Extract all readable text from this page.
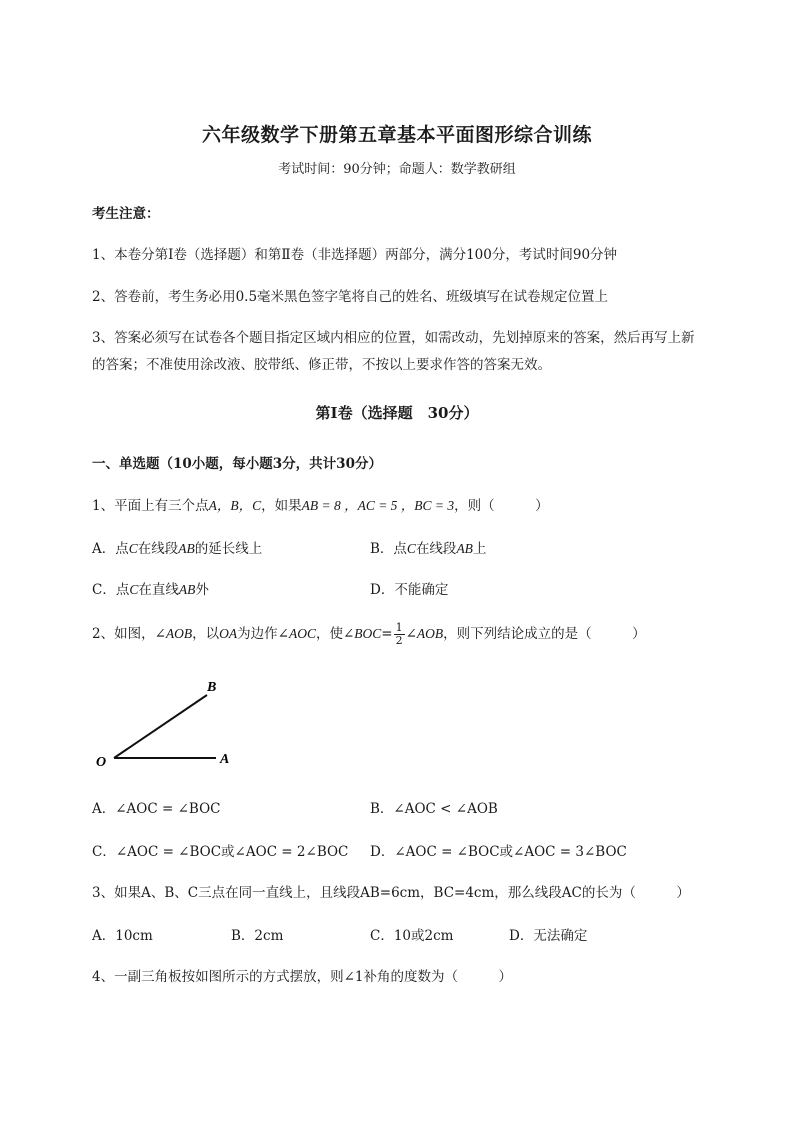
六年级数学下册第五章基本平面图形综合训练
考试时间：90分钟；命题人：数学教研组
考生注意：
1、本卷分第I卷（选择题）和第Ⅱ卷（非选择题）两部分，满分100分，考试时间90分钟
2、答卷前，考生务必用0.5毫米黑色签字笔将自己的姓名、班级填写在试卷规定位置上
3、答案必须写在试卷各个题目指定区域内相应的位置，如需改动，先划掉原来的答案，然后再写上新
的答案；不准使用涂改液、胶带纸、修正带，不按以上要求作答的答案无效。
第I卷（选择题　30分）
一、单选题（10小题，每小题3分，共计30分）
1、平面上有三个点A，B，C，如果AB = 8 ，AC = 5 ，BC = 3，则（　　　）
A．点C在线段AB的延长线上	B．点C在线段AB上
C．点C在直线AB外	D．不能确定
2、如图，∠AOB，以OA为边作∠AOC，使∠BOC= $\frac{1}{2}$ ∠AOB，则下列结论成立的是（　　　）
B
O	A
A．∠AOC = ∠BOC	B．∠AOC < ∠AOB
C．∠AOC = ∠BOC或∠AOC = 2∠BOC D．∠AOC = ∠BOC或∠AOC = 3∠BOC
3、如果A、B、C三点在同一直线上，且线段AB=6cm，BC=4cm，那么线段AC的长为（　　　）
A．10cm	B．2cm	C．10或2cm	D．无法确定
4、一副三角板按如图所示的方式摆放，则∠1补角的度数为（　　　）
